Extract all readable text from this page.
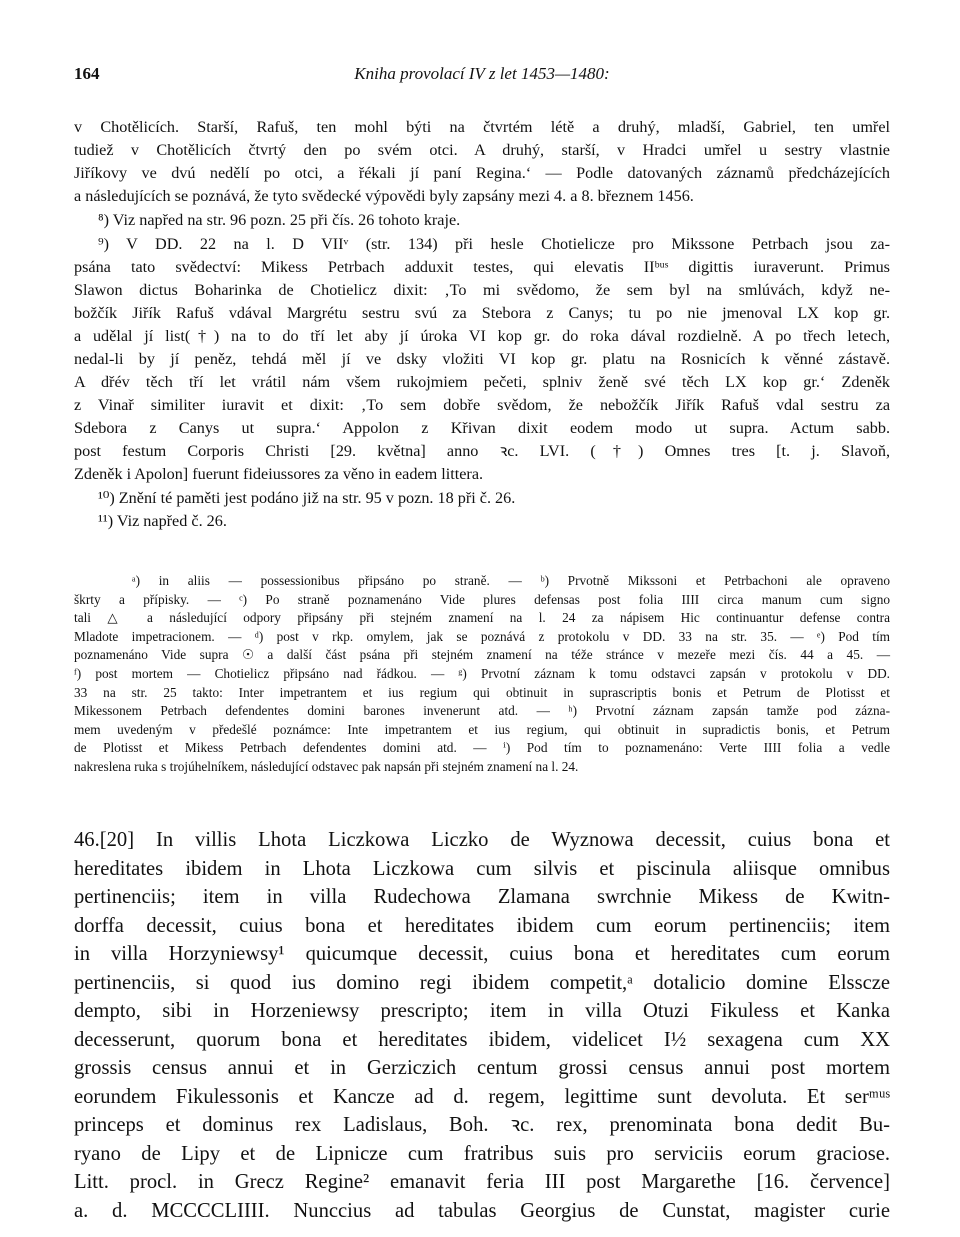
164	Kniha provolací IV z let 1453—1480:
v Chotělicích. Starší, Rafuš, ten mohl býti na čtvrtém létě a druhý, mladší, Gabriel, ten umřel
tudiež v Chotělicích čtvrtý den po svém otci. A druhý, starší, v Hradci umřel u sestry vlastnie
Jiříkovy ve dvú nedělí po otci, a řékali jí paní Regina.‘ — Podle datovaných záznamů předcházejících
a následujících se poznává, že tyto svědecké výpovědi byly zapsány mezi 4. a 8. březnem 1456.
⁸) Viz napřed na str. 96 pozn. 25 při čís. 26 tohoto kraje.
⁹) V DD. 22 na l. D VIIᵛ (str. 134) při hesle Chotielicze pro Mikssone Petrbach jsou za-
psána tato svědectví: Mikess Petrbach adduxit testes, qui elevatis IIᵇᵘˢ digittis iuraverunt. Primus
Slawon dictus Boharinka de Chotielicz dixit: ‚To mi svědomo, že sem byl na smlúvách, když ne-
božčík Jiřík Rafuš vdával Margrétu sestru svú za Stebora z Canys; tu po nie jmenoval LX kop gr.
a udělal jí list(†) na to do tří let aby jí úroka VI kop gr. do roka dával rozdielně. A po třech letech,
nedal-li by jí peněz, tehdá měl jí ve dsky vložiti VI kop gr. platu na Rosnicích k věnné zástavě.
A dřév těch tří let vrátil nám všem rukojmiem pečeti, splniv ženě své těch LX kop gr.‘ Zdeněk
z Vinař similiter iuravit et dixit: ‚To sem dobře svědom, že nebožčík Jiřík Rafuš vdal sestru za
Sdebora z Canys ut supra.‘ Appolon z Křivan dixit eodem modo ut supra. Actum sabb.
post festum Corporis Christi [29. května] anno ꝛc. LVI. (†) Omnes tres [t. j. Slavoň,
Zdeněk i Apolon] fuerunt fideiussores za věno in eadem littera.
¹⁰) Znění té paměti jest podáno již na str. 95 v pozn. 18 při č. 26.
¹¹) Viz napřed č. 26.
ᵃ) in aliis — possessionibus připsáno po straně. — ᵇ) Prvotně Mikssoni et Petrbachoni ale opraveno
škrty a přípisky. — ᶜ) Po straně poznamenáno Vide plures defensas post folia IIII circa manum cum signo
tali △ a následující odpory připsány při stejném znamení na l. 24 za nápisem Hic continuantur defense contra
Mladote impetracionem. — ᵈ) post v rkp. omylem, jak se poznává z protokolu v DD. 33 na str. 35. — ᵉ) Pod tím
poznamenáno Vide supra ☉ a další část psána při stejném znamení na téže stránce v mezeře mezi čís. 44 a 45. —
ᶠ) post mortem — Chotielicz připsáno nad řádkou. — ᵍ) Prvotní záznam k tomu odstavci zapsán v protokolu v DD.
33 na str. 25 takto: Inter impetrantem et ius regium qui obtinuit in suprascriptis bonis et Petrum de Plotisst et
Mikessonem Petrbach defendentes domini barones invenerunt atd. — ʰ) Prvotní záznam zapsán tamže pod zázna-
mem uvedeným v předešlé poznámce: Inte impetrantem et ius regium, qui obtinuit in supradictis bonis, et Petrum
de Plotisst et Mikess Petrbach defendentes domini atd. — ⁱ) Pod tím to poznamenáno: Verte IIII folia a vedle
nakreslena ruka s trojúhelníkem, následující odstavec pak napsán při stejném znamení na l. 24.
46.[20] In villis Lhota Liczkowa Liczko de Wyznowa decessit, cuius bona et
hereditates ibidem in Lhota Liczkowa cum silvis et piscinula aliisque omnibus
pertinenciis; item in villa Rudechowa Zlamana swrchnie Mikess de Kwitn-
dorffa decessit, cuius bona et hereditates ibidem cum eorum pertinenciis; item
in villa Horzyniewsy¹ quicumque decessit, cuius bona et hereditates cum eorum
pertinenciis, si quod ius domino regi ibidem competit,ᵃ dotalicio domine Elsscze
dempto, sibi in Horzeniewsy prescripto; item in villa Otuzi Fikuless et Kanka
decesserunt, quorum bona et hereditates ibidem, videlicet I½ sexagena cum XX
grossis census annui et in Gerziczich centum grossi census annui post mortem
eorundem Fikulessonis et Kancze ad d. regem, legittime sunt devoluta. Et serᵐᵘˢ
princeps et dominus rex Ladislaus, Boh. ꝛc. rex, prenominata bona dedit Bu-
ryano de Lipy et de Lipnicze cum fratribus suis pro serviciis eorum graciose.
Litt. procl. in Grecz Regine² emanavit feria III post Margarethe [16. července]
a. d. MCCCCLIIII. Nunccius ad tabulas Georgius de Cunstat, magister curie
